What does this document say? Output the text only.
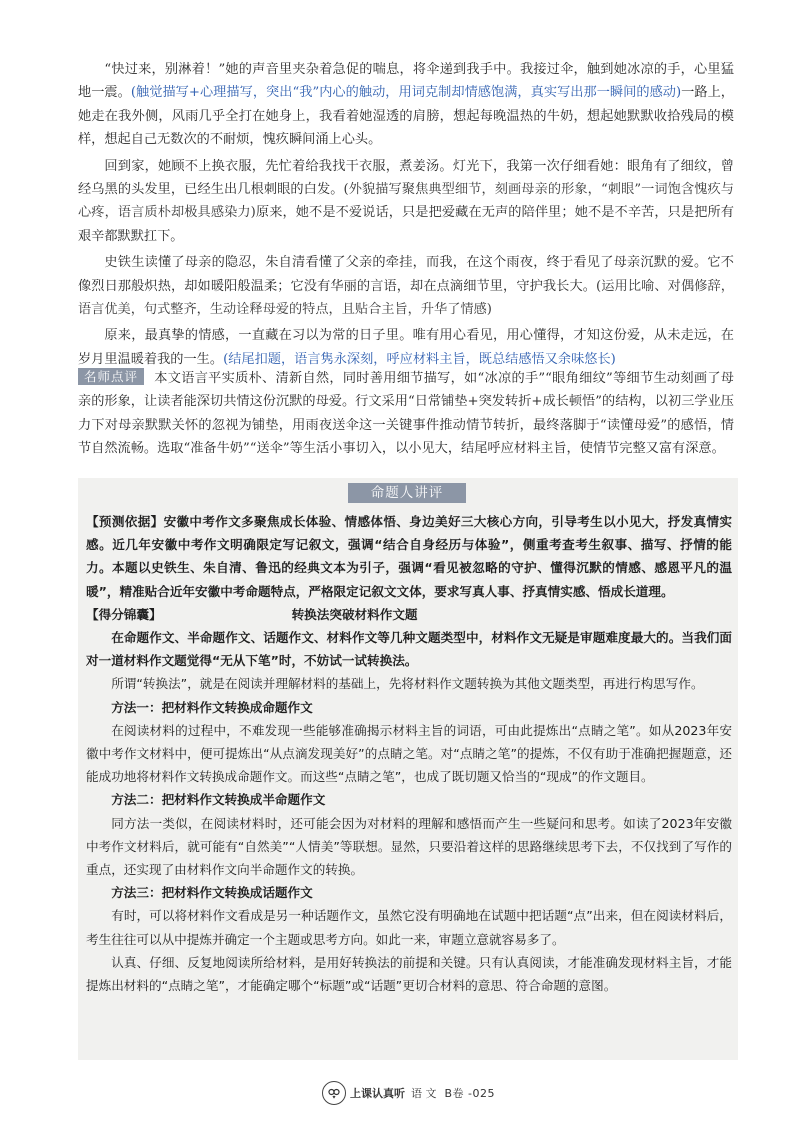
“快过来，别淋着！”她的声音里夹杂着急促的喘息，将伞递到我手中。我接过伞，触到她冰凉的手，心里猛地一震。(触觉描写+心理描写，突出“我”内心的触动，用词克制却情感饱满，真实写出那一瞬间的感动)一路上，她走在我外侧，风雨几乎全打在她身上，我看着她湿透的肩膀，想起每晚温热的牛奶，想起她默默收拾残局的模样，想起自己无数次的不耐烦，愧疚瞬间涌上心头。

回到家，她顾不上换衣服，先忙着给我找干衣服，煮姜汤。灯光下，我第一次仔细看她：眼角有了细纹，曾经乌黑的头发里，已经生出几根刺眼的白发。(外貌描写聚焦典型细节，刻画母亲的形象，“刺眼”一词饱含愧疚与心疼，语言质朴却极具感染力)原来，她不是不爱说话，只是把爱藏在无声的陪伴里；她不是不辛苦，只是把所有艰辛都默默扛下。

史铁生读懂了母亲的隐忍，朱自清看懂了父亲的牵挂，而我，在这个雨夜，终于看见了母亲沉默的爱。它不像烈日那般炽热，却如暖阳般温柔；它没有华丽的言语，却在点滴细节里，守护我长大。(运用比喻、对偶修辞，语言优美，句式整齐，生动诠释母爱的特点，且贴合主旨，升华了情感)

原来，最真挚的情感，一直藏在习以为常的日子里。唯有用心看见，用心懂得，才知这份爱，从未走远，在岁月里温暖着我的一生。(结尾扣题，语言隽永深刻，呼应材料主旨，既总结感悟又余味悠长)

名师点评 本文语言平实质朴、清新自然，同时善用细节描写，如“冰凉的手”“眼角细纹”等细节生动刻画了母亲的形象，让读者能深切共情这份沉默的母爱。行文采用“日常铺垫+突发转折+成长顿悟”的结构，以初三学业压力下对母亲默默关怀的忽视为铺垫，用雨夜送伞这一关键事件推动情节转折，最终落脚于“读懂母爱”的感悟，情节自然流畅。选取“准备牛奶”“送伞”等生活小事切入，以小见大，结尾呼应材料主旨，使情节完整又富有深意。
命题人讲评

【预测依据】安徽中考作文多聚焦成长体验、情感体悟、身边美好三大核心方向，引导考生以小见大，抒发真情实感。近几年安徽中考作文明确限定写记叙文，强调“结合自身经历与体验”，侧重考查考生叙事、描写、抒情的能力。本题以史铁生、朱自清、鲁迅的经典文本为引子，强调“看见被忽略的守护、懂得沉默的情感、感恩平凡的温暖”，精准贴合近年安徽中考命题特点，严格限定记叙文文体，要求写真人事、抒真情实感、悟成长道理。

【得分锦囊】	转换法突破材料作文题

在命题作文、半命题作文、话题作文、材料作文等几种文题类型中，材料作文无疑是审题难度最大的。当我们面对一道材料作文题觉得“无从下笔”时，不妨试一试转换法。

所谓“转换法”，就是在阅读并理解材料的基础上，先将材料作文题转换为其他文题类型，再进行构思写作。

方法一：把材料作文转换成命题作文

在阅读材料的过程中，不难发现一些能够准确揭示材料主旨的词语，可由此提炼出“点睛之笔”。如从2023年安徽中考作文材料中，便可提炼出“从点滴发现美好”的点睛之笔。对“点睛之笔”的提炼，不仅有助于准确把握题意，还能成功地将材料作文转换成命题作文。而这些“点睛之笔”，也成了既切题又恰当的“现成”的作文题目。

方法二：把材料作文转换成半命题作文

同方法一类似，在阅读材料时，还可能会因为对材料的理解和感悟而产生一些疑问和思考。如读了2023年安徽中考作文材料后，就可能有“自然美”“人情美”等联想。显然，只要沿着这样的思路继续思考下去，不仅找到了写作的重点，还实现了由材料作文向半命题作文的转换。

方法三：把材料作文转换成话题作文

有时，可以将材料作文看成是另一种话题作文，虽然它没有明确地在试题中把话题“点”出来，但在阅读材料后，考生往往可以从中提炼并确定一个主题或思考方向。如此一来，审题立意就容易多了。

认真、仔细、反复地阅读所给材料，是用好转换法的前提和关键。只有认真阅读，才能准确发现材料主旨，才能提炼出材料的“点睛之笔”，才能确定哪个“标题”或“话题”更切合材料的意思、符合命题的意图。

上课认真听 语 文 B卷 -025
